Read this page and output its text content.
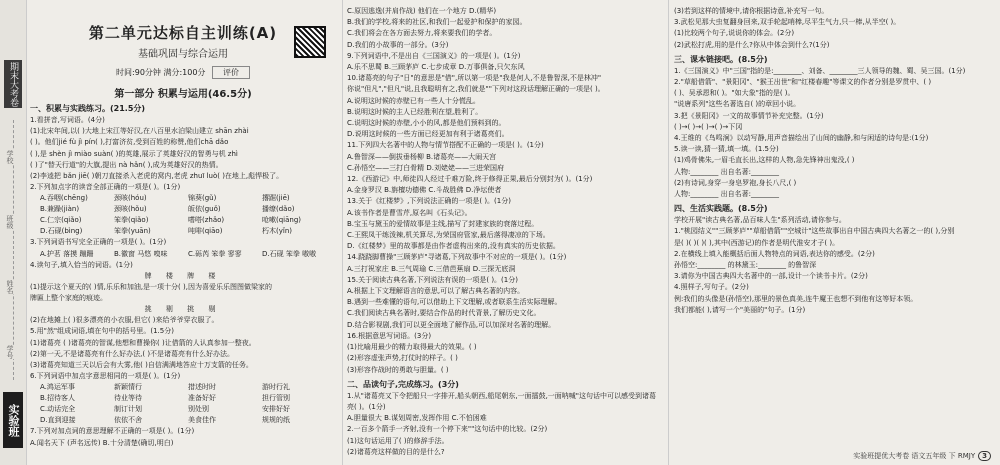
期末大考卷
学校
班级
姓名
学号
实验班
第二单元达标自主训练(A)
基础巩固与综合运用
时间:90分钟 满分:100分 评价
第一部分 积累与运用(46.5分)
一、积累与实践练习。(21.5分)
1.看拼音,写词语。(4分)
(1)北宋年间,以( )大地上宋江等好汉,在八百里水泊梁山建立 shān zhài
( )。他们jié fù jì pín( ),打富济贫,受到百姓的称赞,他们chā dǎo
( ),是 shèn jì miào suàn( )的英雄,展示了英雄好汉的智勇与机 zhì
( )了"替天行道"的大旗,提出 nà hǎn( ),成为英雄好汉的热情。
(2)李逵把 bǎn jiē( )朝刀直接杀入老虎的窝内,老虎 zhuī luò( )在地上,彪悍极了。
2.下列加点字的读音全部正确的一项是( )。(1分)
A.吞咽(chēng)	颈咳(hóu)	锦葵(gǔ)	撂踞(jiē)
B.兼躁(jiàn)	颈咳(hǒu)	皈依(guǒ)	播缭(dǎo)
C.仁宗(qiǎo)	笨拳(qiǎo)	嗜嗒(zhǎo)	呛嗽(qiāng)
D.石砚(bìng)	笨拳(yuān)	吨啡(qiāo)	朽木(yǐn)
3.下列词语书写完全正确的一项是( )。(1分)
A.护茗 落摸 蹦跚	B.徽窗 马悠 嗅味	C.砾芮 笨拳 寥寥	D.石砚 笨拳 嗷嗷
4.读句子,填入恰当的词语。(1分)
牌 楼 牌 楼
(1)提示这个夏天的( )情,乐乐和加油,是一项十分( ),因为喜爱乐乐图图做梁家的
牌匾上整个家庭的痕迹。
挑 剔 挑 剔
(2)在地摊上( )很多漂亮的小衣服,但它( )来给爷爷穿衣服了。
5.用"然"组成词语,填在句中的括号里。(1.5分)
(1)诸葛亮 ( )诸葛亮的智谋,他想和曹操你( )让借箭的人认真参加一整夜。
(2)第一天,不是诸葛亮有什么好办法,( )不是诸葛亮有什么好办法。
(3)诸葛亮知道三天以后会有大雾,他( )自信满满地答应十万支箭的任务。
6.下列词语中加点字意思相同的一项是( )。(1分)
A.鸿运军事	新颖情行	措述时时	游时行礼
B.招待客人	待业等待	准备好好	担行管别
C.动话完全	制订计划	别处别	安排好好
D.直到迎接	依依不舍	美食佳作	规规的纸
7.下列对加点词的意思理解不正确的一项是( )。(1分)
A.闻名天下 (声名远传) B.十分清楚(确切,明白)
C.原因逃逸(并肩作战) 他们在一个地方 D.(精华)
B.我们的学校,将来的社区,和我们一起爱护和保护的家园。
C.我们将会在各方面去努力,将来要我们的学者。
D.我们的小故事的一部分。(3分)
9.下列词语中,不是出自《三国演义》的一项是( )。(1分)
A.乐不思蜀 B.三顾茅庐 C.七步成章 D.万事俱备,只欠东风
10.诸葛亮的句子"日"的意思是"借",所以第一项是"我是何人,不是鲁智深,不是林冲"
你说"但凡","但凡"说,且我聪明有之,我们就是""下列对这段话理解正确的一项是( )。
A.说明这时候的赤壁已有一些人十分慌乱。
B.说明这时候的主人已经胜利在望,胜利了。
C.说明这时候的赤壁,小小的风,都是他们预料到的。
D.说明这时候的一些方面已经更加有利于诸葛亮们。
11.下列四大名著中的人物与情节搭配不正确的一项是( )。(1分)
A.鲁智深——倒拔垂杨柳 B.诸葛亮——大闹天宫
C.孙悟空——三打白骨精 D.刘姥姥——三进荣国府
12.《西游记》中,师徒四人经过千难万险,终于修得正果,最后分别封为( )。(1分)
A.金身罗汉 B.旃檀功德佛 C.斗战胜佛 D.净坛使者
13.关于《红楼梦》,下列说法正确的一项是( )。(1分)
A.该书作者是曹雪芹,原名叫《石头记》。
B.宝玉与黛玉的爱情故事是主线,描写了封建家族的衰落过程。
C.王熙凤干练泼辣,机关算尽,为荣国府管家,最后落得凄凉的下场。
D.《红楼梦》里的故事都是由作者虚构出来的,没有真实的历史依据。
14.跷跷脚曹操"三顾茅庐"寻诸葛,下列故事中不对应的一项是( )。(1分)
A.三打祝家庄 B.三气周瑜 C.三借芭蕉扇 D.三探无底洞
15.关于阅读古典名著,下列说法有误的一项是( )。(1分)
A.根据上下文理解语言的意思,可以了解古典名著的内容。
B.遇到一些难懂的语句,可以借助上下文理解,或者联系生活实际理解。
C.我们阅读古典名著时,要结合作品的时代背景,了解历史文化。
D.结合影视剧,我们可以更全面地了解作品,可以加深对名著的理解。
16.根据意思写词语。(3分)
(1)比喻用最少的精力取得最大的效果。( )
(2)形容虚张声势,打仗时的样子。( )
(3)形容作战时的勇敢与胆量。( )
二、品读句子,完成练习。(3分)
1.从"诸葛亮又下令把船只一字排开,船头朝西,船尾朝东,一面擂鼓,一面呐喊"这句话中可以感受到诸葛
亮( )。(1分)
A.胆量很大 B.谋划周密,发挥作用 C.不怕困难
2.一百多个箭手一齐射,没有一个停下来""这句话中的比较。(2分)
(1)这句话运用了( )的修辞手法。
(2)诸葛亮这样做的目的是什么?
(3)若到这样的情境中,请你根据诗意,补充写一句。
3.武松见那大虫复翻身回来,双手轮起哨棒,尽平生气力,只一棒,从半空( )。
(1)比较两个句子,说说你的体会。(2分)
(2)武松打虎,用的是什么?你从中体会到什么?(1分)
三、课本链接吧。(8.5分)
1.《三国演义》中"三国"指的是:________、刘备、________三人领导的魏、蜀、吴三国。(1分)
2."草船借箭"、"景阳冈"、"猴王出世"和"红楼春趣"等课文的作者分别是罗贯中、( )
( )、吴承恩和( )。"如大象"指的是( )。
"说唐系列"这些名著选自( )的章回小说。
3.把《景阳冈》一文的故事情节补充完整。(1分)
( )→( )→( )→( )→下冈
4.王维的《鸟鸣涧》以动写静,用声音描绘出了山间的幽静,和与闲适的诗句是:(1分)
5.读一读,猜一猜,填一填。(1.5分)
(1)鸡骨佛朱,一眉毛直长出,这样的人物,急先锋神出鬼没,( )
人物:________ 出自名著:________
(2)有诗词,身穿一身皂罗袍,身长八尺,( )
人物:________ 出自名著:________
四、生活实践题。(8.5分)
学校开展"读古典名著,品百味人生"系列活动,请你参与。
1."桃园结义""三顾茅庐""草船借箭""空城计"这些故事出自中国古典四大名著之一的( ),分别
是( )( )( )( ),其中(西游记)的作者是明代淮安才子( )。
2.在横线上填入能概括后面人物特点的词语,表达你的感受。(2分)
孙悟空:________ 的林黛玉:________ 的鲁智深
3.请你为中国古典四大名著中的一部,设计一个读书卡片。(2分)
4.照样子,写句子。(2分)
例:我们的头像是(孙悟空),那里的景色真美,连牛魔王也想不到他有这等好本领。
我们都能( ),请写一个"美丽的"句子。(1分)
实验班提优大考卷 语文五年级 下 RMJY 3
